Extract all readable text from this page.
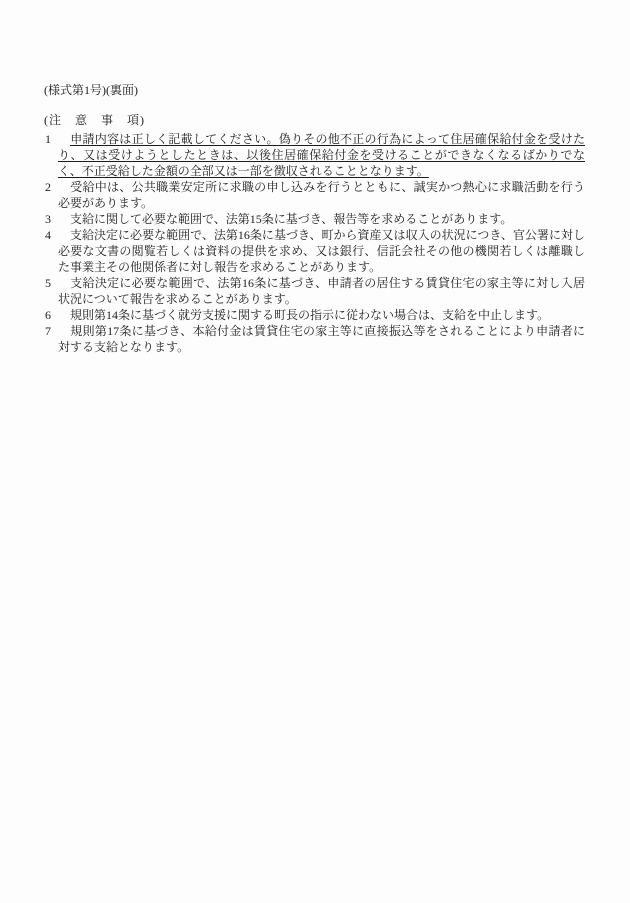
(様式第1号)(裏面)
(注　意　事　項)
1 申請内容は正しく記載してください。偽りその他不正の行為によって住居確保給付金を受けたり、又は受けようとしたときは、以後住居確保給付金を受けることができなくなるばかりでなく、不正受給した金額の全部又は一部を徴収されることとなります。
2 受給中は、公共職業安定所に求職の申し込みを行うとともに、誠実かつ熱心に求職活動を行う必要があります。
3 支給に関して必要な範囲で、法第15条に基づき、報告等を求めることがあります。
4 支給決定に必要な範囲で、法第16条に基づき、町から資産又は収入の状況につき、官公署に対し必要な文書の閲覧若しくは資料の提供を求め、又は銀行、信託会社その他の機関若しくは離職した事業主その他関係者に対し報告を求めることがあります。
5 支給決定に必要な範囲で、法第16条に基づき、申請者の居住する賃貸住宅の家主等に対し入居状況について報告を求めることがあります。
6 規則第14条に基づく就労支援に関する町長の指示に従わない場合は、支給を中止します。
7 規則第17条に基づき、本給付金は賃貸住宅の家主等に直接振込等をされることにより申請者に対する支給となります。
